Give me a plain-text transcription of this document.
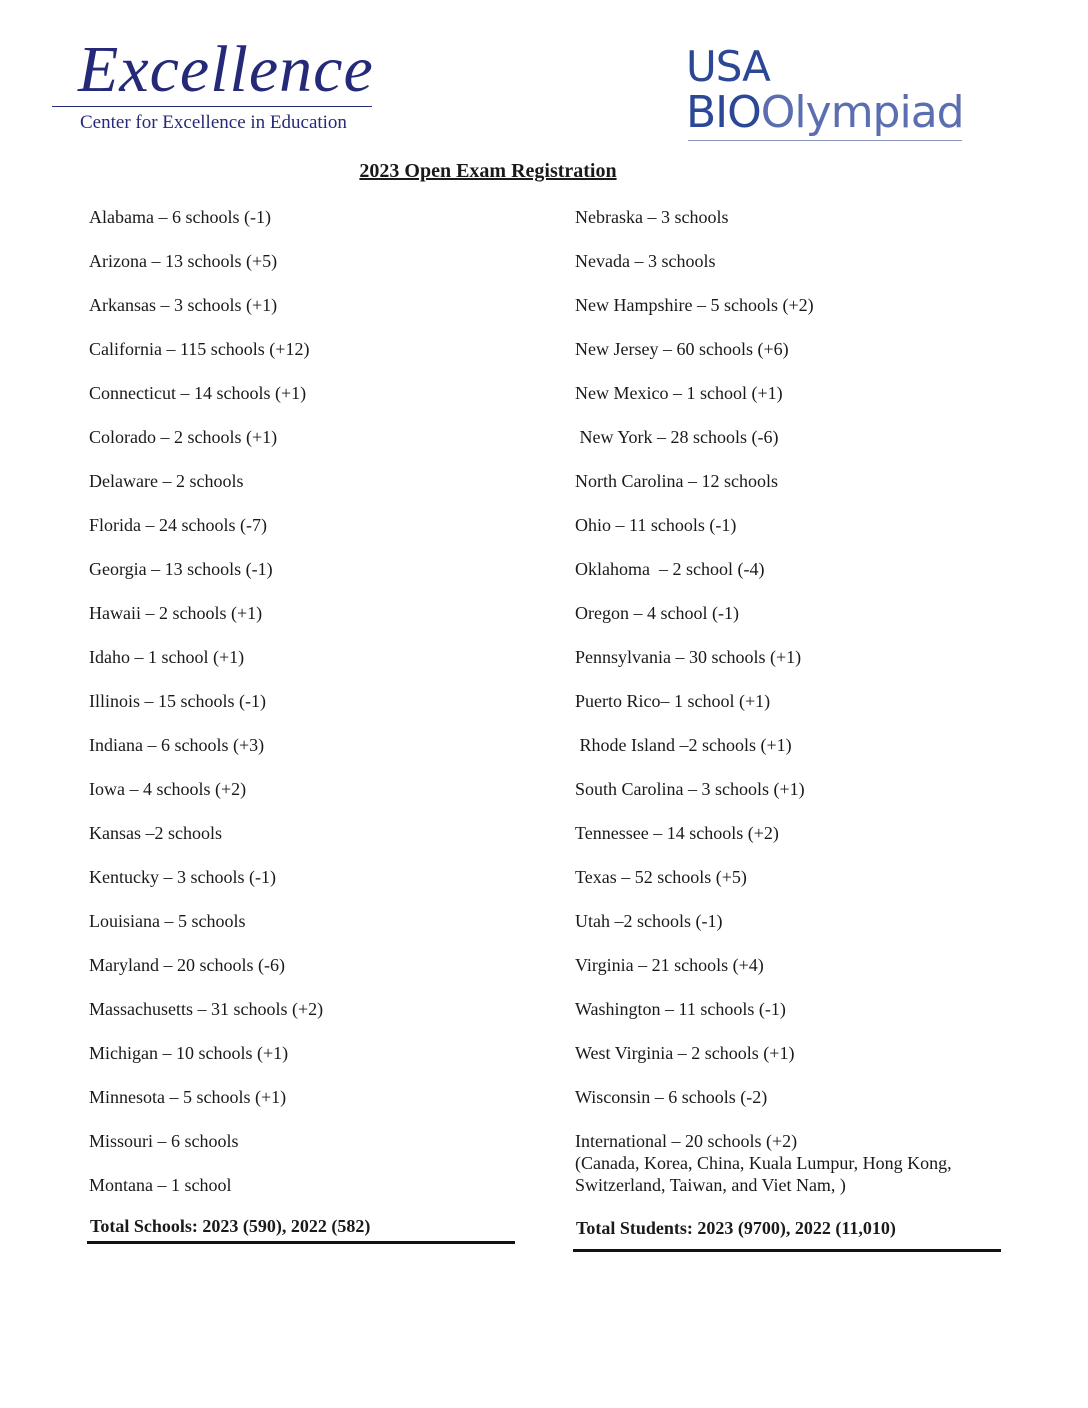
Excellence
Center for Excellence in Education
USA
BIOOlympiad
2023 Open Exam Registration
Alabama – 6 schools (-1)
Arizona – 13 schools (+5)
Arkansas – 3 schools (+1)
California – 115 schools (+12)
Connecticut – 14 schools (+1)
Colorado – 2 schools (+1)
Delaware – 2 schools
Florida – 24 schools (-7)
Georgia – 13 schools (-1)
Hawaii – 2 schools (+1)
Idaho – 1 school (+1)
Illinois – 15 schools (-1)
Indiana – 6 schools (+3)
Iowa – 4 schools (+2)
Kansas –2 schools
Kentucky – 3 schools (-1)
Louisiana – 5 schools
Maryland – 20 schools (-6)
Massachusetts – 31 schools (+2)
Michigan – 10 schools (+1)
Minnesota – 5 schools (+1)
Missouri – 6 schools
Montana – 1 school
Nebraska – 3 schools
Nevada – 3 schools
New Hampshire – 5 schools (+2)
New Jersey – 60 schools (+6)
New Mexico – 1 school (+1)
New York – 28 schools (-6)
North Carolina – 12 schools
Ohio – 11 schools (-1)
Oklahoma  – 2 school (-4)
Oregon – 4 school (-1)
Pennsylvania – 30 schools (+1)
Puerto Rico– 1 school (+1)
Rhode Island –2 schools (+1)
South Carolina – 3 schools (+1)
Tennessee – 14 schools (+2)
Texas – 52 schools (+5)
Utah –2 schools (-1)
Virginia – 21 schools (+4)
Washington – 11 schools (-1)
West Virginia – 2 schools (+1)
Wisconsin – 6 schools (-2)
International – 20 schools (+2)
(Canada, Korea, China, Kuala Lumpur, Hong Kong,
Switzerland, Taiwan, and Viet Nam, )
Total Schools: 2023 (590), 2022 (582)	Total Students: 2023 (9700), 2022 (11,010)
